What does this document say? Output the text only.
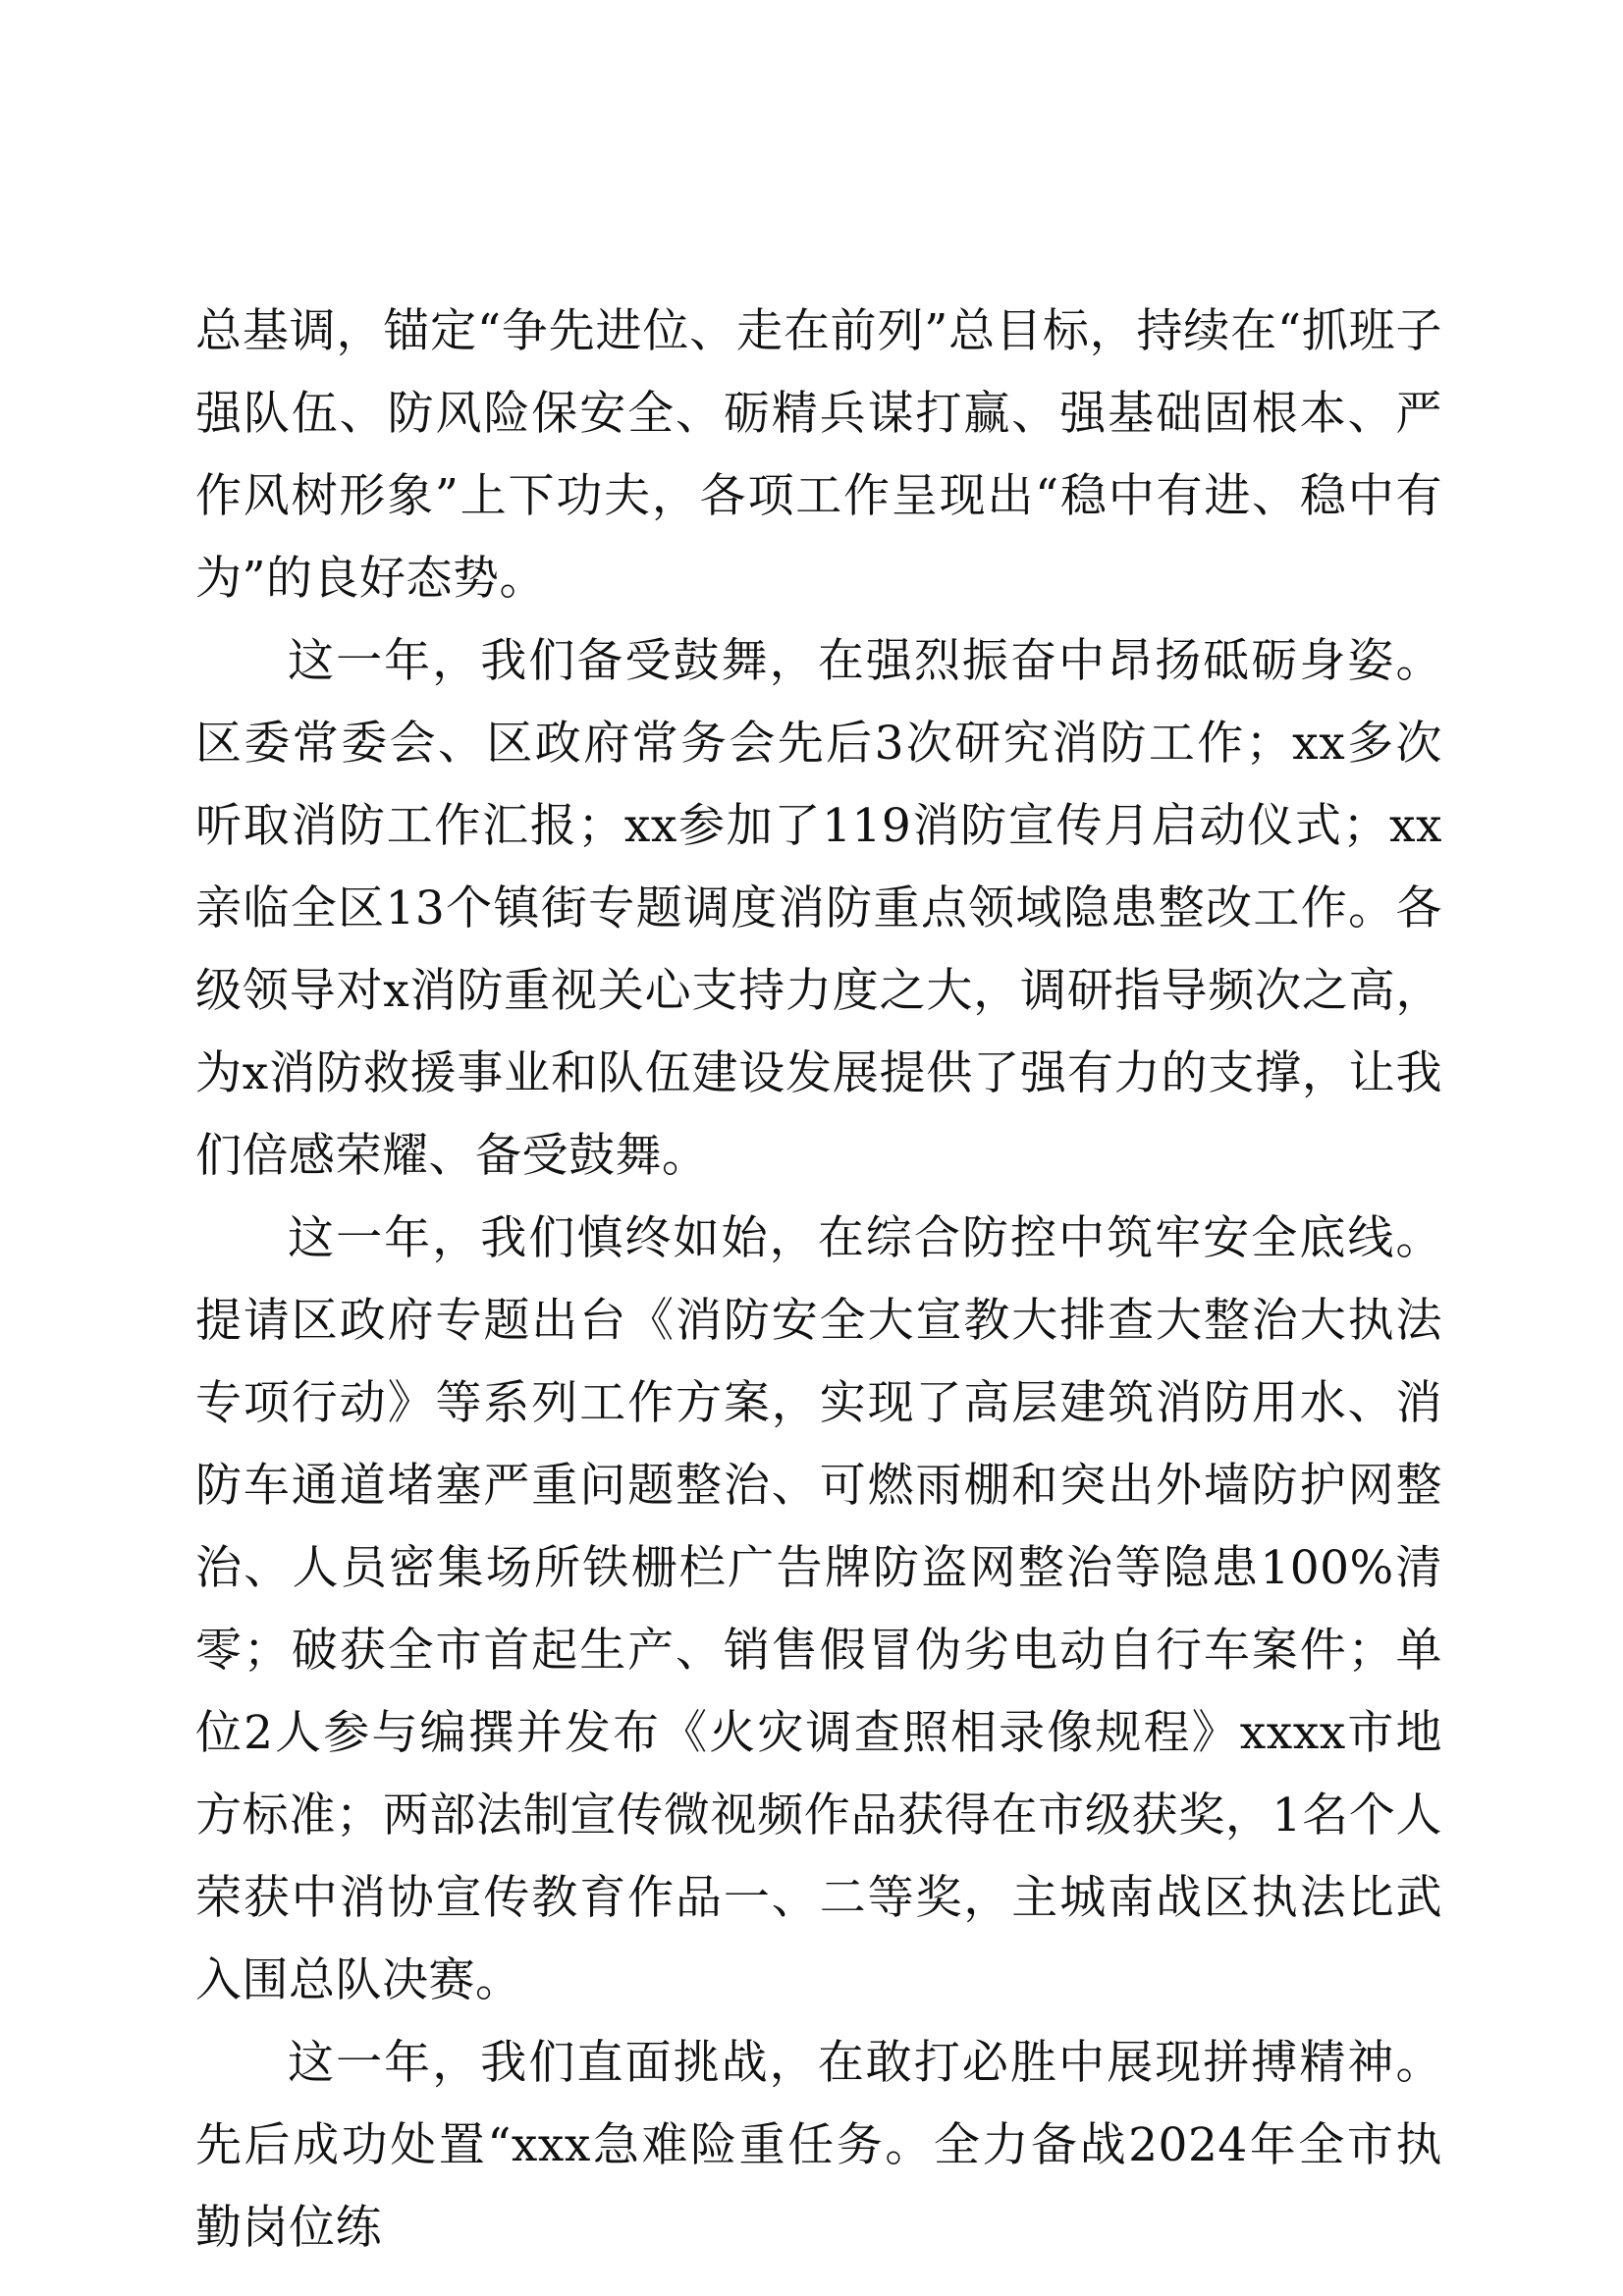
总基调，锚定“争先进位、走在前列”总目标，持续在“抓班子强队伍、防风险保安全、砺精兵谋打赢、强基础固根本、严作风树形象”上下功夫，各项工作呈现出“稳中有进、稳中有为”的良好态势。

这一年，我们备受鼓舞，在强烈振奋中昂扬砥砺身姿。区委常委会、区政府常务会先后3次研究消防工作；xx多次听取消防工作汇报；xx参加了119消防宣传月启动仪式；xx亲临全区13个镇街专题调度消防重点领域隐患整改工作。各级领导对x消防重视关心支持力度之大，调研指导频次之高，为x消防救援事业和队伍建设发展提供了强有力的支撑，让我们倍感荣耀、备受鼓舞。

这一年，我们慎终如始，在综合防控中筑牢安全底线。提请区政府专题出台《消防安全大宣教大排查大整治大执法专项行动》等系列工作方案，实现了高层建筑消防用水、消防车通道堵塞严重问题整治、可燃雨棚和突出外墙防护网整治、人员密集场所铁栅栏广告牌防盗网整治等隐患100%清零；破获全市首起生产、销售假冒伪劣电动自行车案件；单位2人参与编撰并发布《火灾调查照相录像规程》xxxx市地方标准；两部法制宣传微视频作品获得在市级获奖，1名个人荣获中消协宣传教育作品一、二等奖，主城南战区执法比武入围总队决赛。

这一年，我们直面挑战，在敢打必胜中展现拼搏精神。先后成功处置“xxx急难险重任务。全力备战2024年全市执勤岗位练
